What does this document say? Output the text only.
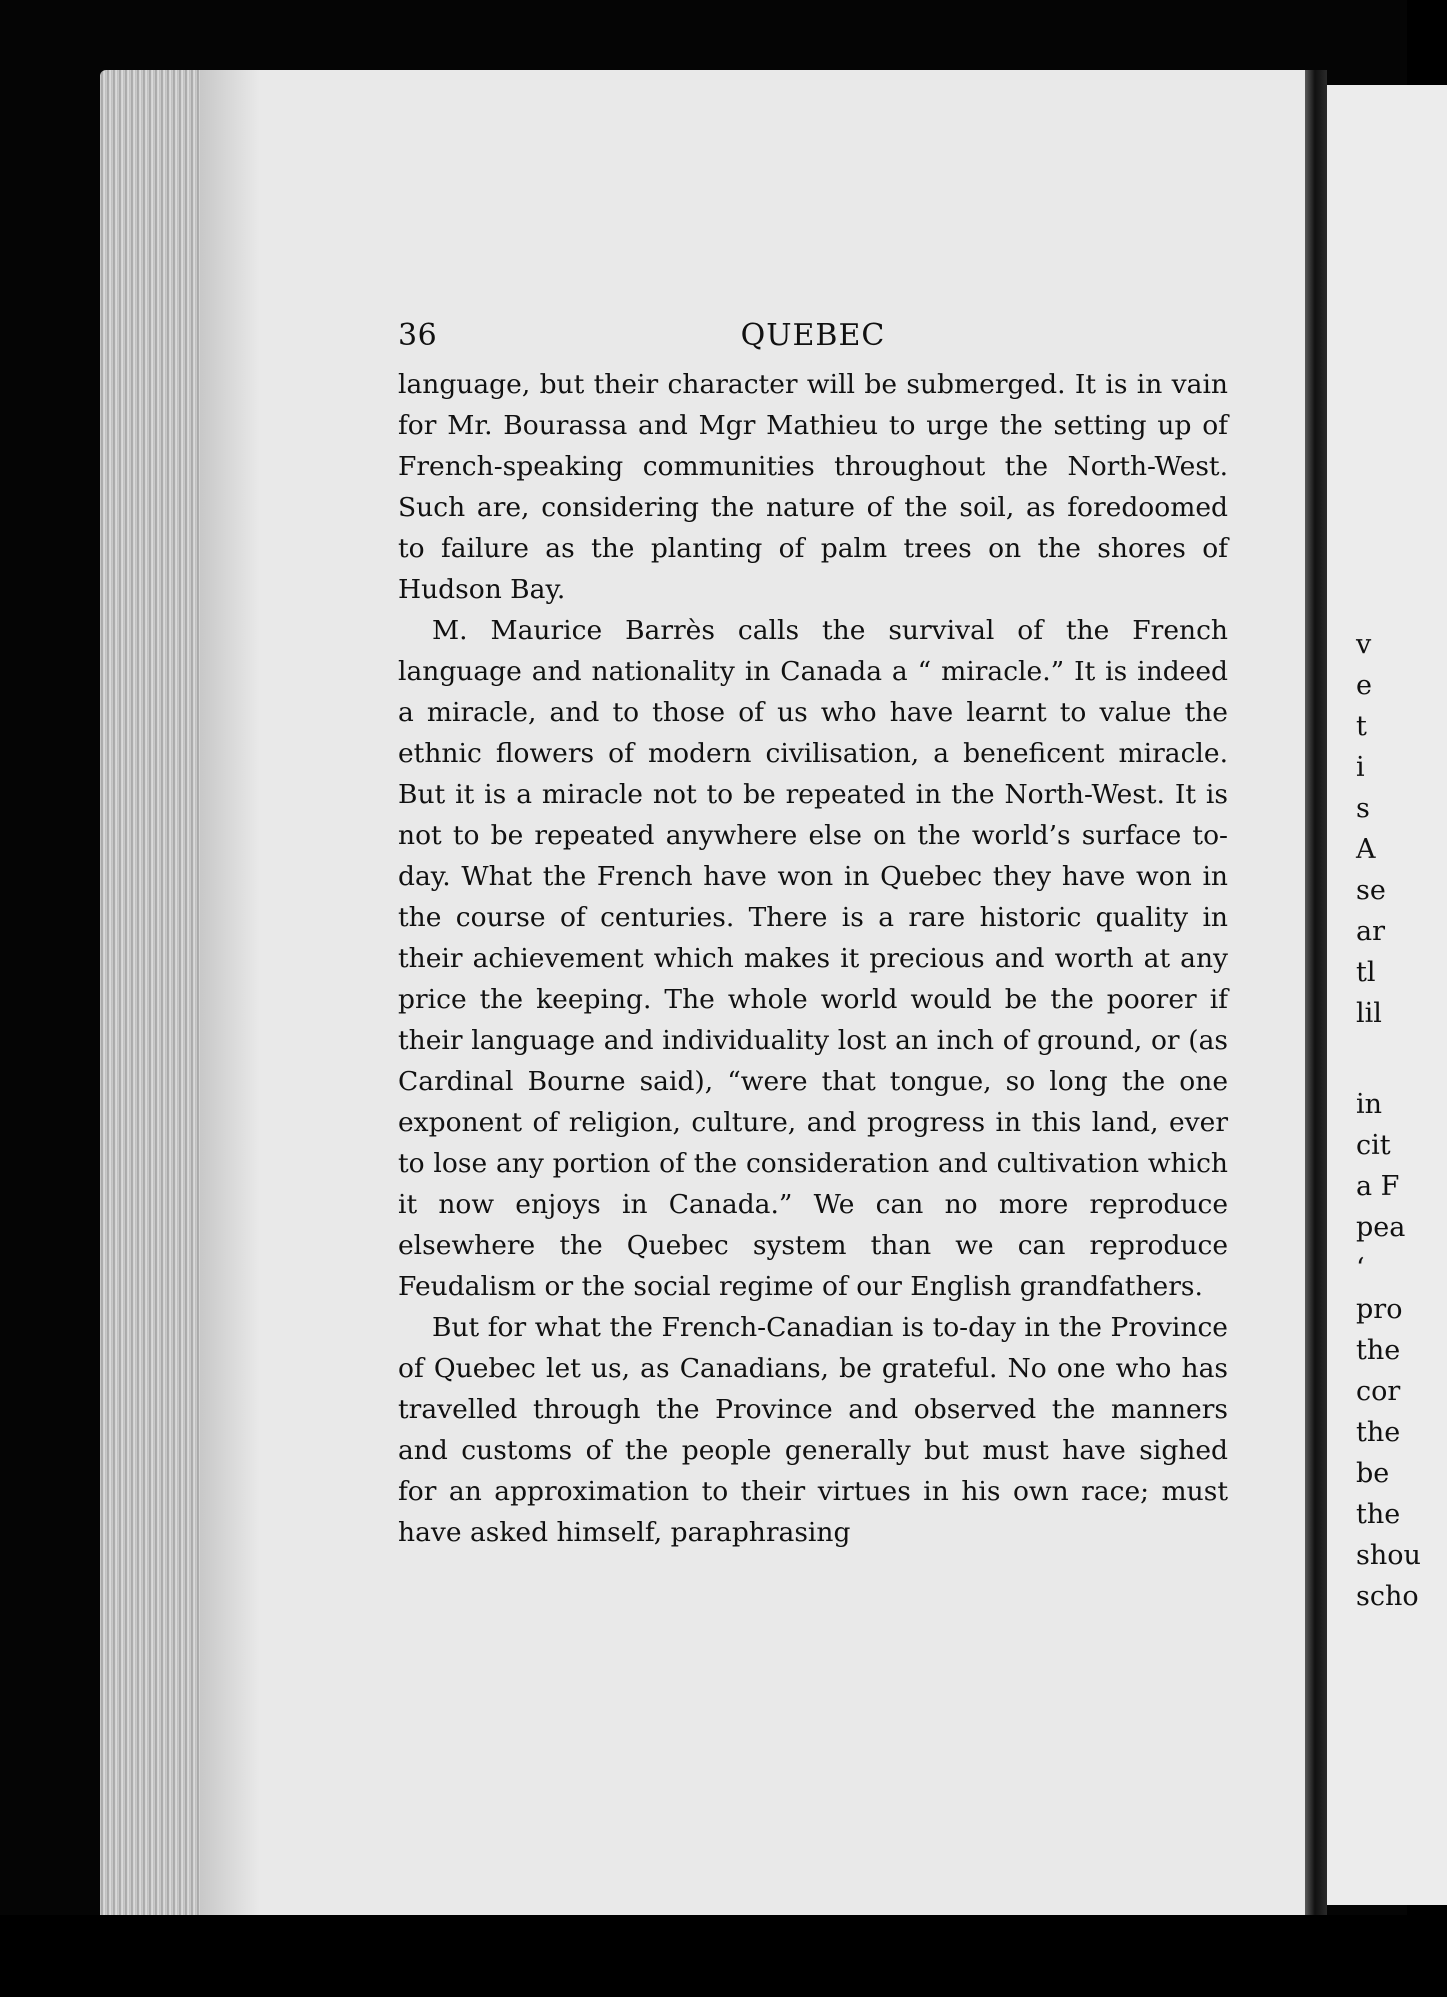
v
e
t
i
s
A
se
ar
tl
lil
in
cit
a F
pea
‘
pro
the
cor
the
be
the
shou
scho
36	QUEBEC

language, but their character will be submerged. It is in vain for Mr. Bourassa and Mgr Mathieu to urge the setting up of French-speaking communities throughout the North-West. Such are, considering the nature of the soil, as foredoomed to failure as the planting of palm trees on the shores of Hudson Bay.

M. Maurice Barrès calls the survival of the French language and nationality in Canada a “ miracle.” It is indeed a miracle, and to those of us who have learnt to value the ethnic flowers of modern civilisation, a beneficent miracle. But it is a miracle not to be repeated in the North-West. It is not to be repeated anywhere else on the world’s surface to-day. What the French have won in Quebec they have won in the course of centuries. There is a rare historic quality in their achievement which makes it precious and worth at any price the keeping. The whole world would be the poorer if their language and individuality lost an inch of ground, or (as Cardinal Bourne said), “were that tongue, so long the one exponent of religion, culture, and progress in this land, ever to lose any portion of the consideration and cultivation which it now enjoys in Canada.” We can no more reproduce elsewhere the Quebec system than we can reproduce Feudalism or the social regime of our English grandfathers.

But for what the French-Canadian is to-day in the Province of Quebec let us, as Canadians, be grateful. No one who has travelled through the Province and observed the manners and customs of the people generally but must have sighed for an approximation to their virtues in his own race; must have asked himself, paraphrasing
